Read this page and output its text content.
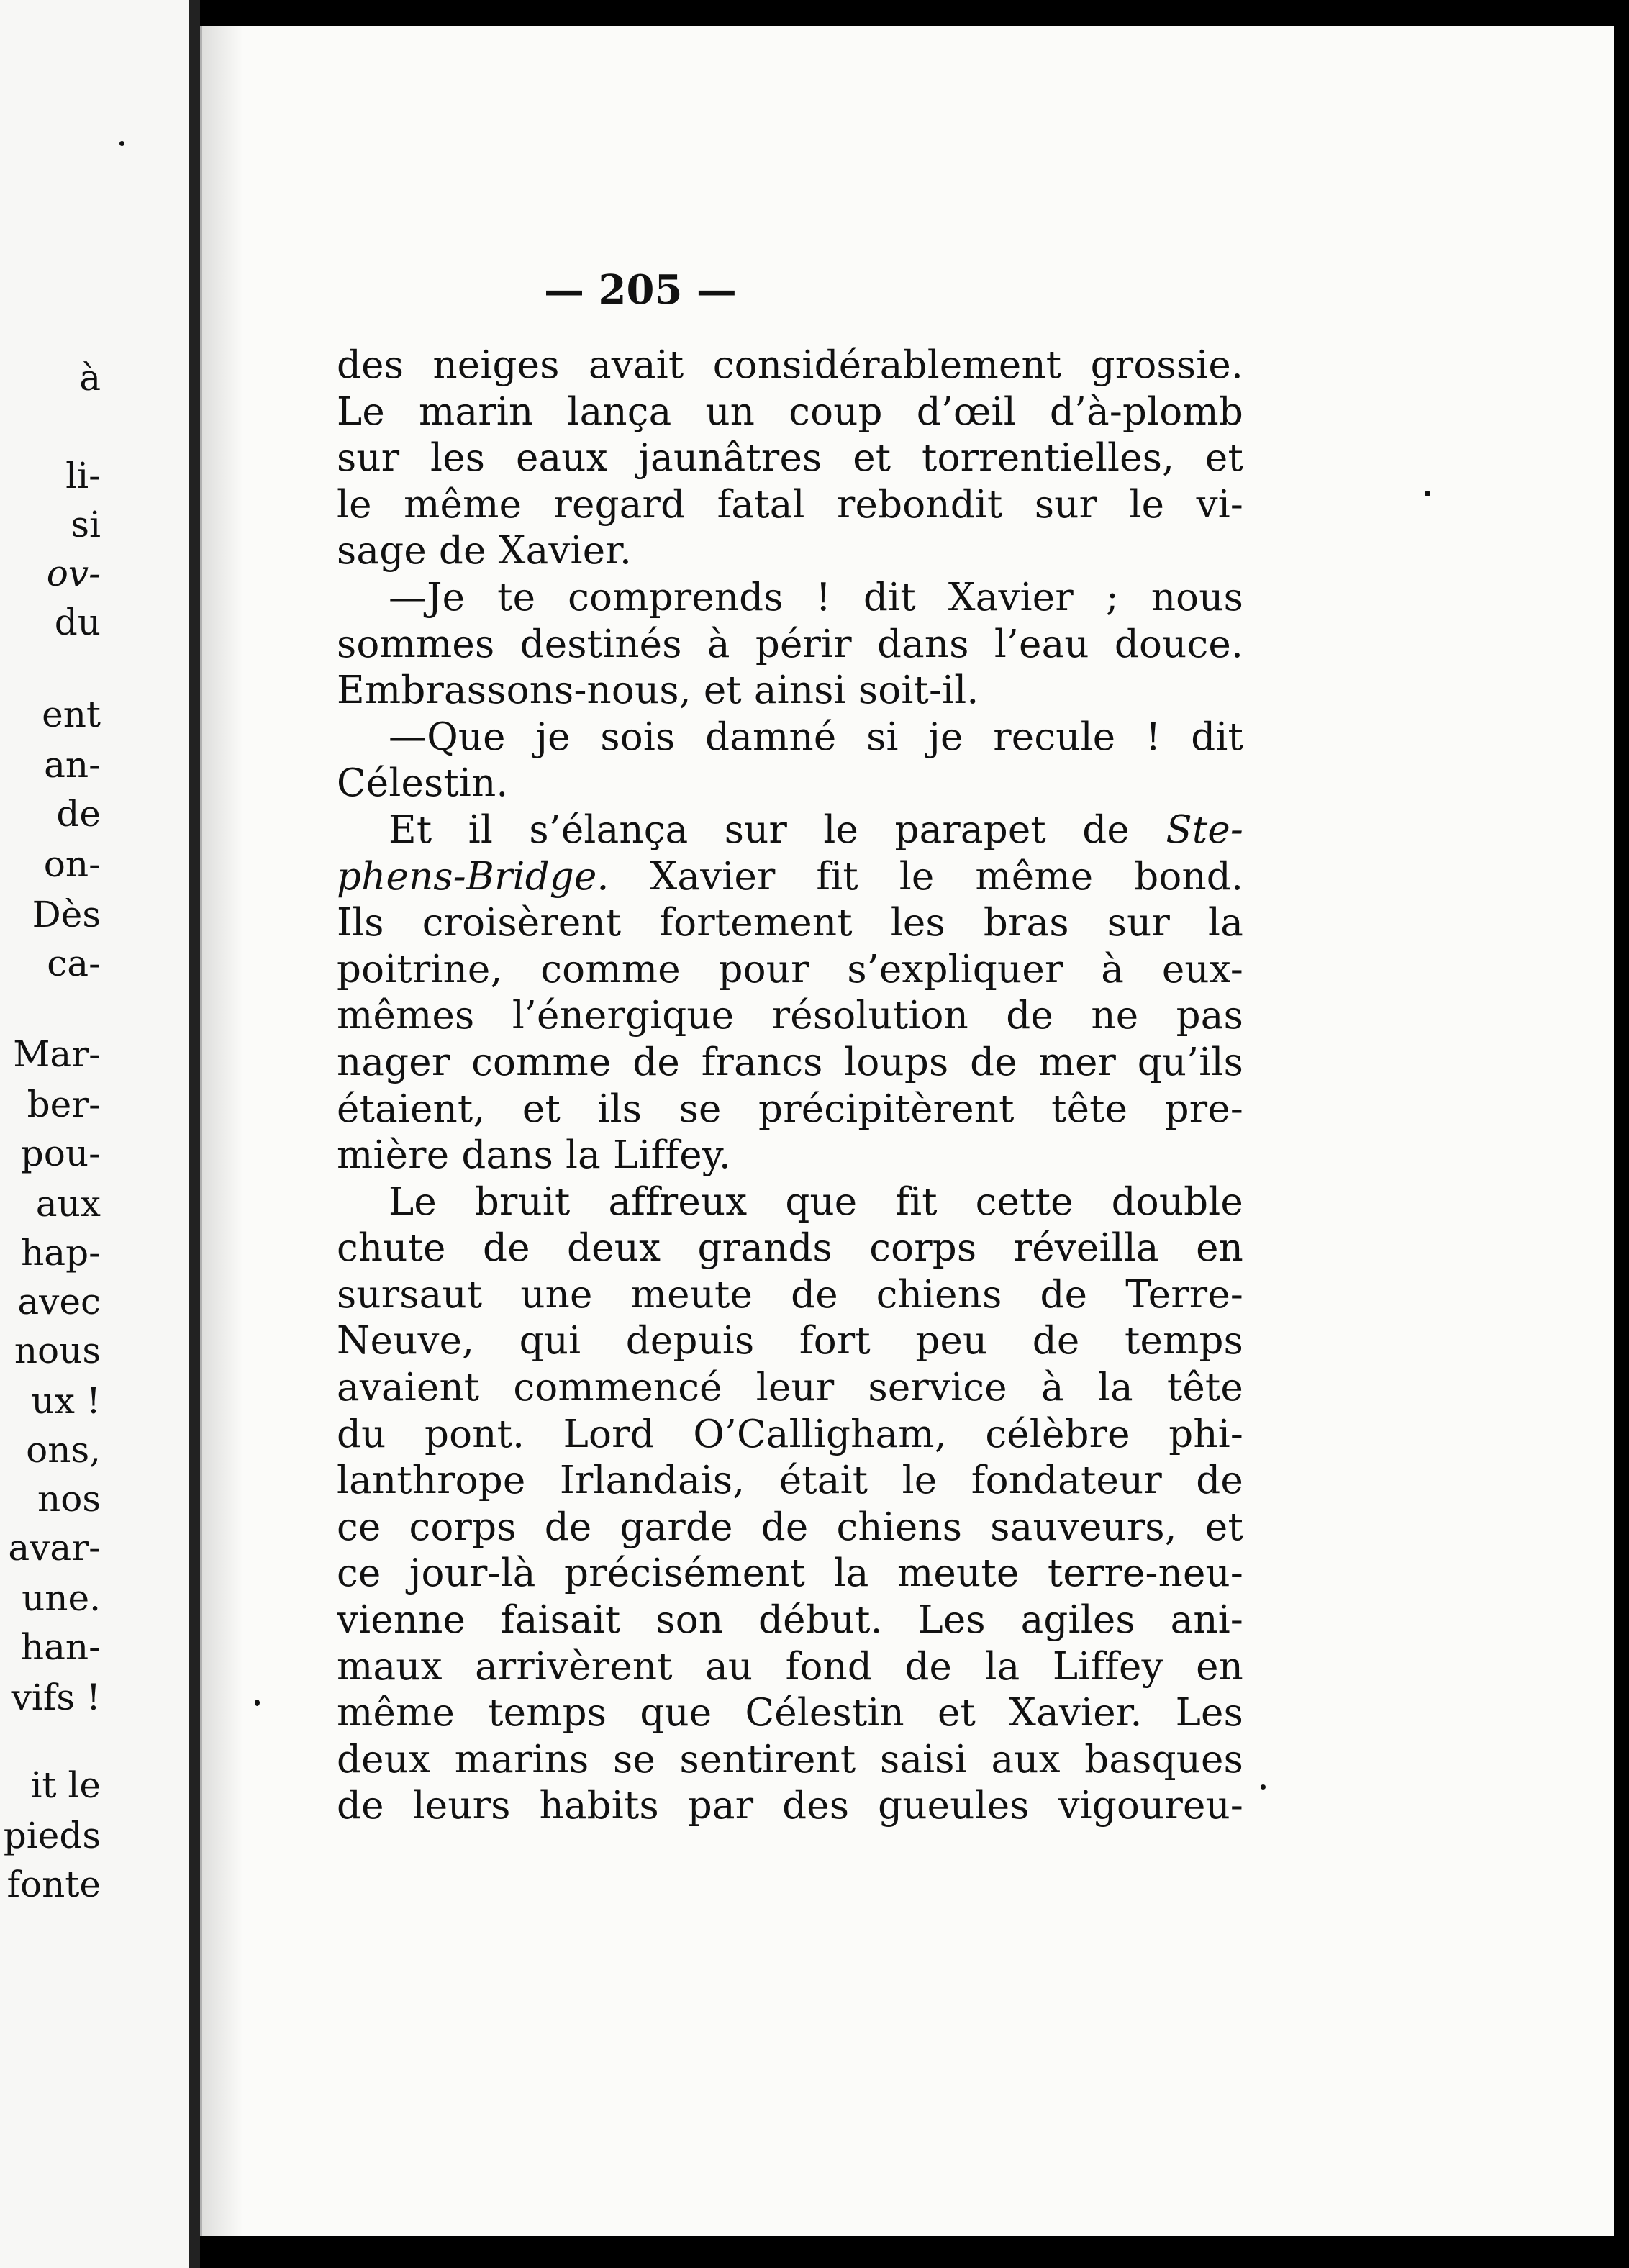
à
li-
si
ov-
du
ent
an-
de
on-
Dès
ca-
Mar-
ber-
pou-
aux
hap-
avec
nous
ux !
ons,
nos
avar-
une.
han-
vifs !
it le
pieds
fonte
— 205 —
des neiges avait considérablement grossie.
Le marin lança un coup d’œil d’à-plomb
sur les eaux jaunâtres et torrentielles, et
le même regard fatal rebondit sur le vi-
sage de Xavier.
—Je te comprends ! dit Xavier ; nous
sommes destinés à périr dans l’eau douce.
Embrassons-nous, et ainsi soit-il.
—Que je sois damné si je recule ! dit
Célestin.
Et il s’élança sur le parapet de Ste-
phens-Bridge. Xavier fit le même bond.
Ils croisèrent fortement les bras sur la
poitrine, comme pour s’expliquer à eux-
mêmes l’énergique résolution de ne pas
nager comme de francs loups de mer qu’ils
étaient, et ils se précipitèrent tête pre-
mière dans la Liffey.
Le bruit affreux que fit cette double
chute de deux grands corps réveilla en
sursaut une meute de chiens de Terre-
Neuve, qui depuis fort peu de temps
avaient commencé leur service à la tête
du pont. Lord O’Calligham, célèbre phi-
lanthrope Irlandais, était le fondateur de
ce corps de garde de chiens sauveurs, et
ce jour-là précisément la meute terre-neu-
vienne faisait son début. Les agiles ani-
maux arrivèrent au fond de la Liffey en
même temps que Célestin et Xavier. Les
deux marins se sentirent saisi aux basques
de leurs habits par des gueules vigoureu-
